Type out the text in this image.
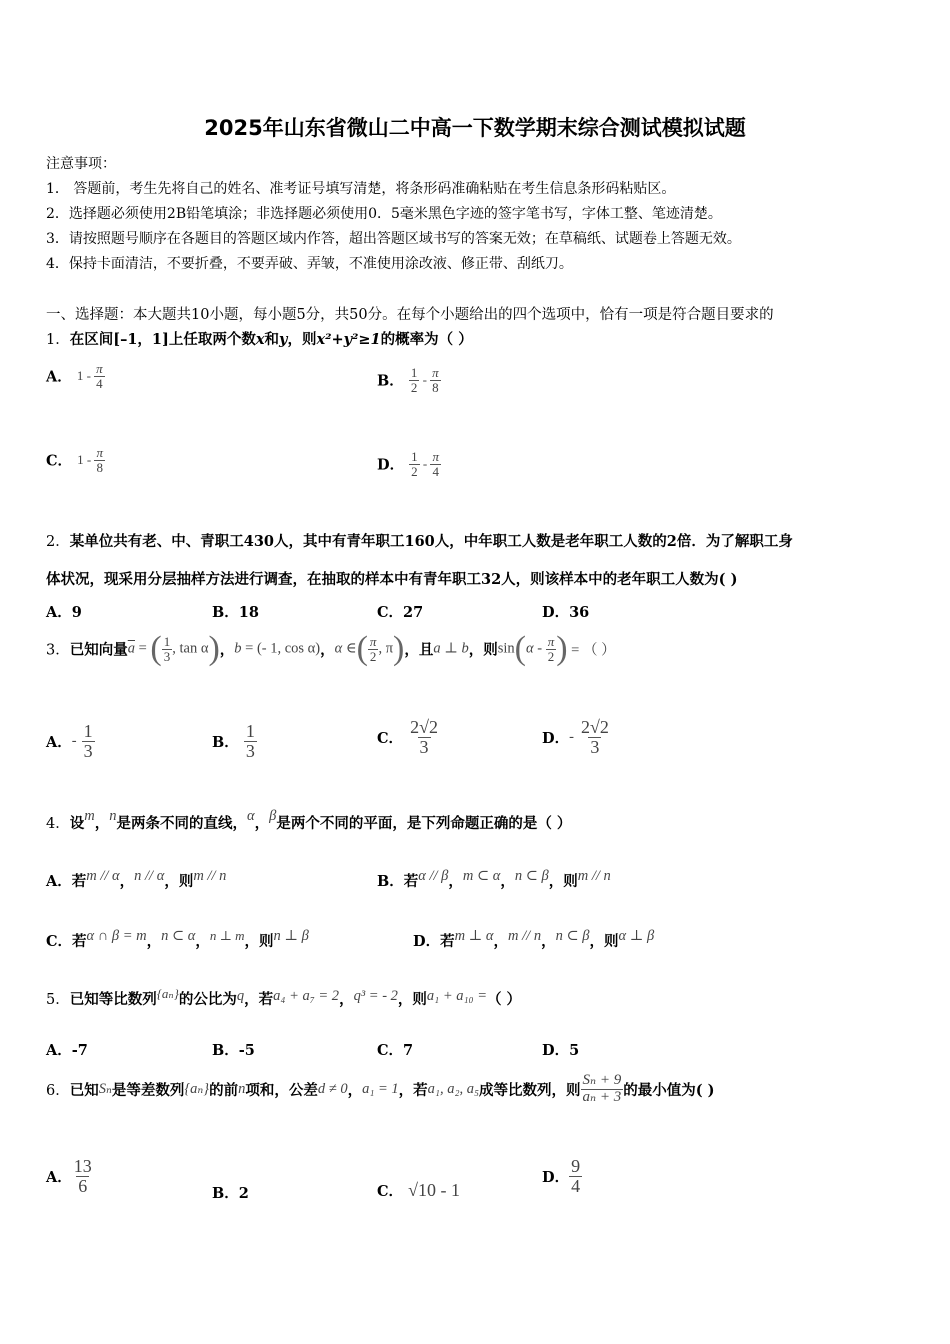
2025年山东省微山二中高一下数学期末综合测试模拟试题
注意事项：
1． 答题前，考生先将自己的姓名、准考证号填写清楚，将条形码准确粘贴在考生信息条形码粘贴区。
2．选择题必须使用2B铅笔填涂；非选择题必须使用0．5毫米黑色字迹的签字笔书写，字体工整、笔迹清楚。
3．请按照题号顺序在各题目的答题区域内作答，超出答题区域书写的答案无效；在草稿纸、试题卷上答题无效。
4．保持卡面清洁，不要折叠，不要弄破、弄皱，不准使用涂改液、修正带、刮纸刀。
一、选择题：本大题共10小题，每小题5分，共50分。在每个小题给出的四个选项中，恰有一项是符合题目要求的
1．在区间[–1，1]上任取两个数x和y，则x²+y²≥1的概率为（ ）
A． $1 - \frac{\pi}{4}$	B． $\frac{1}{2} - \frac{\pi}{8}$
C． $1 - \frac{\pi}{8}$	D． $\frac{1}{2} - \frac{\pi}{4}$
2．某单位共有老、中、青职工430人，其中有青年职工160人，中年职工人数是老年职工人数的2倍．为了解职工身
体状况，现采用分层抽样方法进行调查，在抽取的样本中有青年职工32人，则该样本中的老年职工人数为( )
A．9	B．18	C．27	D．36
3．已知向量$\overline{a}$ = ( $\frac{1}{3}$ , tan α)，b = (- 1, cos α)，α ∈( $\frac{\pi}{2}$ , π)，且a ⊥ b，则$\sin(\alpha - \frac{\pi}{2}$ ) = （ ）
A．- $\frac{1}{3}$	B． $\frac{1}{3}$	C． $\frac{2√2}{3}$	D．- $\frac{2√2}{3}$
4．设m，n是两条不同的直线，α，β是两个不同的平面，是下列命题正确的是（ ）
A．若m // α，n // α，则m // n	B．若α // β，m ⊂ α，n ⊂ β，则m // n
C．若α ∩ β = m，n ⊂ α，n ⊥ m，则n ⊥ β	D．若m ⊥ α，m // n，n ⊂ β，则α ⊥ β
5．已知等比数列{aₙ}的公比为q，若a₄ + a₇ = 2，q³ = - 2，则a₁ + a₁₀ =（ ）
A．-7	B．-5	C．7	D．5
6．已知Sₙ是等差数列{aₙ}的前n项和，公差d ≠ 0，a₁ = 1，若a₁, a₂, a₅成等比数列，则 $\frac{\text{Sₙ + 9}}{\text{aₙ + 3}}$ 的最小值为( )
A． $\frac{13}{6}$	B．2	C． √10 - 1
D． $\frac{9}{4}$
